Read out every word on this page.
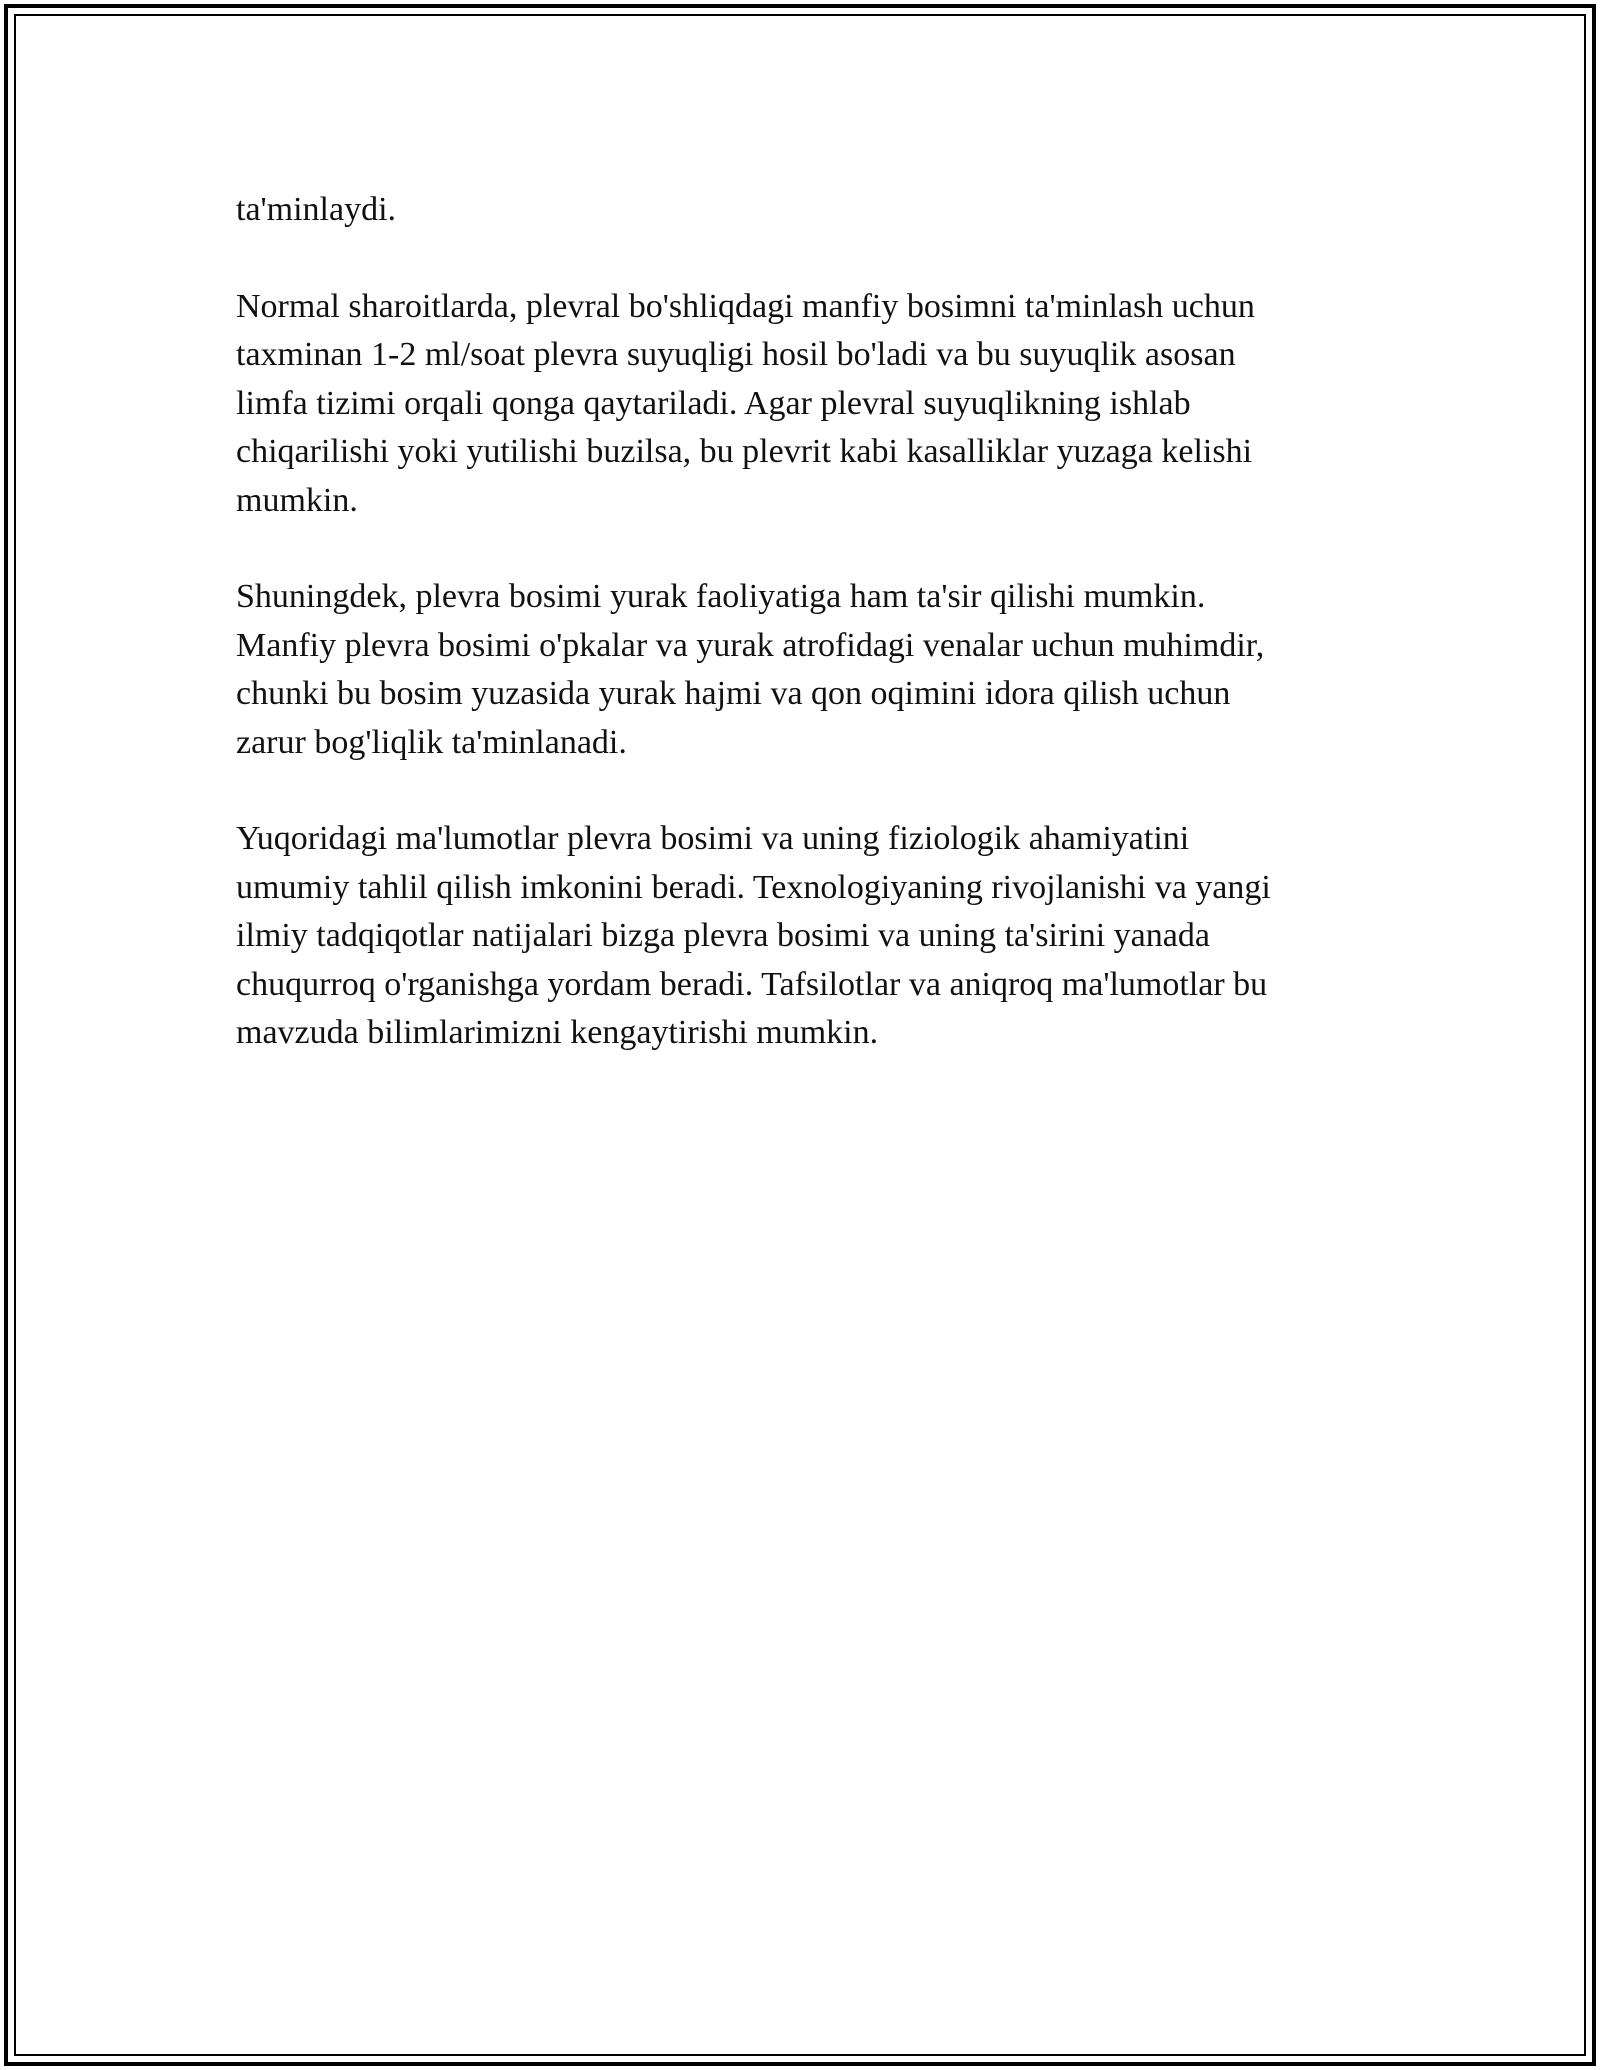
ta'minlaydi.

Normal sharoitlarda, plevral bo'shliqdagi manfiy bosimni ta'minlash uchun
taxminan 1-2 ml/soat plevra suyuqligi hosil bo'ladi va bu suyuqlik asosan
limfa tizimi orqali qonga qaytariladi. Agar plevral suyuqlikning ishlab
chiqarilishi yoki yutilishi buzilsa, bu plevrit kabi kasalliklar yuzaga kelishi
mumkin.

Shuningdek, plevra bosimi yurak faoliyatiga ham ta'sir qilishi mumkin.
Manfiy plevra bosimi o'pkalar va yurak atrofidagi venalar uchun muhimdir,
chunki bu bosim yuzasida yurak hajmi va qon oqimini idora qilish uchun
zarur bog'liqlik ta'minlanadi.

Yuqoridagi ma'lumotlar plevra bosimi va uning fiziologik ahamiyatini
umumiy tahlil qilish imkonini beradi. Texnologiyaning rivojlanishi va yangi
ilmiy tadqiqotlar natijalari bizga plevra bosimi va uning ta'sirini yanada
chuqurroq o'rganishga yordam beradi. Tafsilotlar va aniqroq ma'lumotlar bu
mavzuda bilimlarimizni kengaytirishi mumkin.
